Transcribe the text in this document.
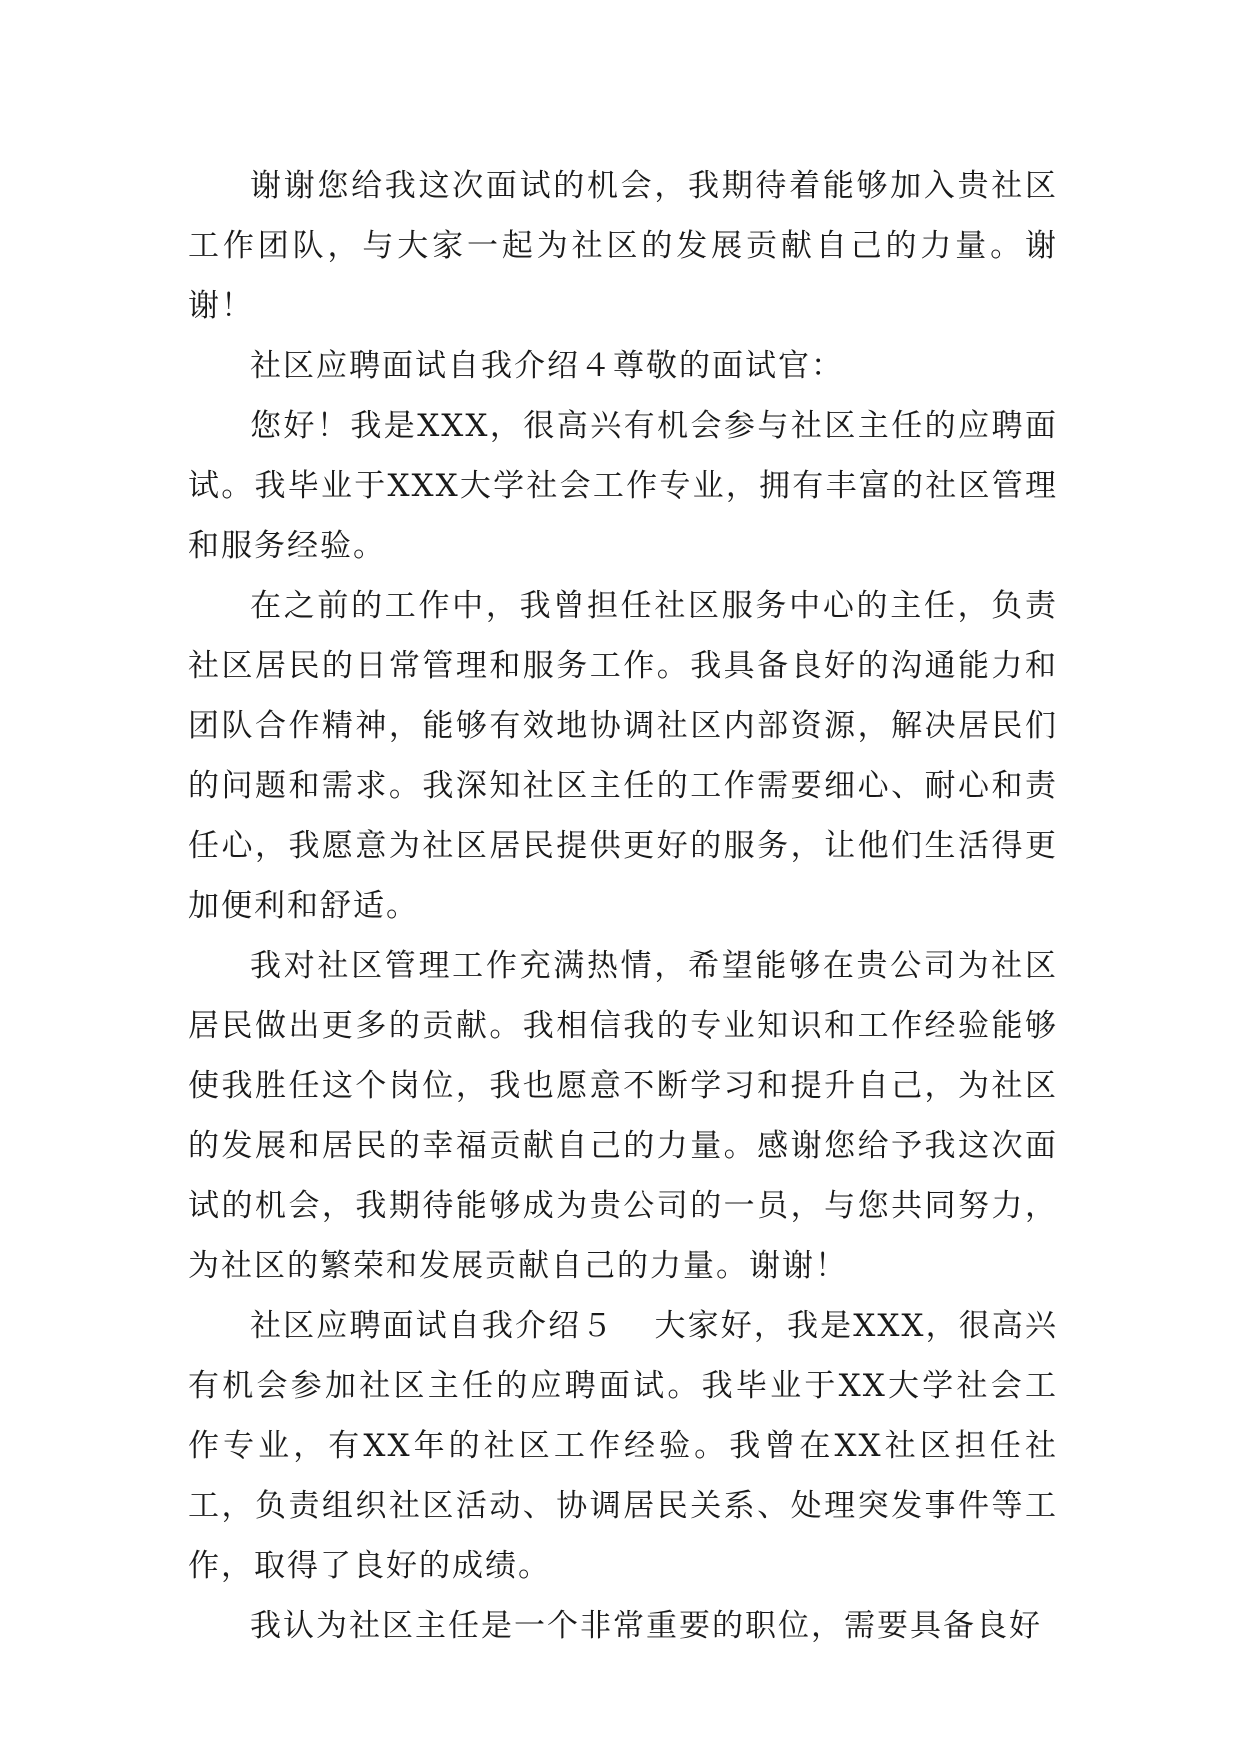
谢谢您给我这次面试的机会，我期待着能够加入贵社区工作团队，与大家一起为社区的发展贡献自己的力量。谢谢！

社区应聘面试自我介绍４尊敬的面试官：

您好！我是XXX，很高兴有机会参与社区主任的应聘面试。我毕业于XXX大学社会工作专业，拥有丰富的社区管理和服务经验。

在之前的工作中，我曾担任社区服务中心的主任，负责社区居民的日常管理和服务工作。我具备良好的沟通能力和团队合作精神，能够有效地协调社区内部资源，解决居民们的问题和需求。我深知社区主任的工作需要细心、耐心和责任心，我愿意为社区居民提供更好的服务，让他们生活得更加便利和舒适。

我对社区管理工作充满热情，希望能够在贵公司为社区居民做出更多的贡献。我相信我的专业知识和工作经验能够使我胜任这个岗位，我也愿意不断学习和提升自己，为社区的发展和居民的幸福贡献自己的力量。感谢您给予我这次面试的机会，我期待能够成为贵公司的一员，与您共同努力，为社区的繁荣和发展贡献自己的力量。谢谢！

社区应聘面试自我介绍５ 大家好，我是XXX，很高兴有机会参加社区主任的应聘面试。我毕业于XX大学社会工作专业，有XX年的社区工作经验。我曾在XX社区担任社工，负责组织社区活动、协调居民关系、处理突发事件等工作，取得了良好的成绩。

我认为社区主任是一个非常重要的职位，需要具备良好
